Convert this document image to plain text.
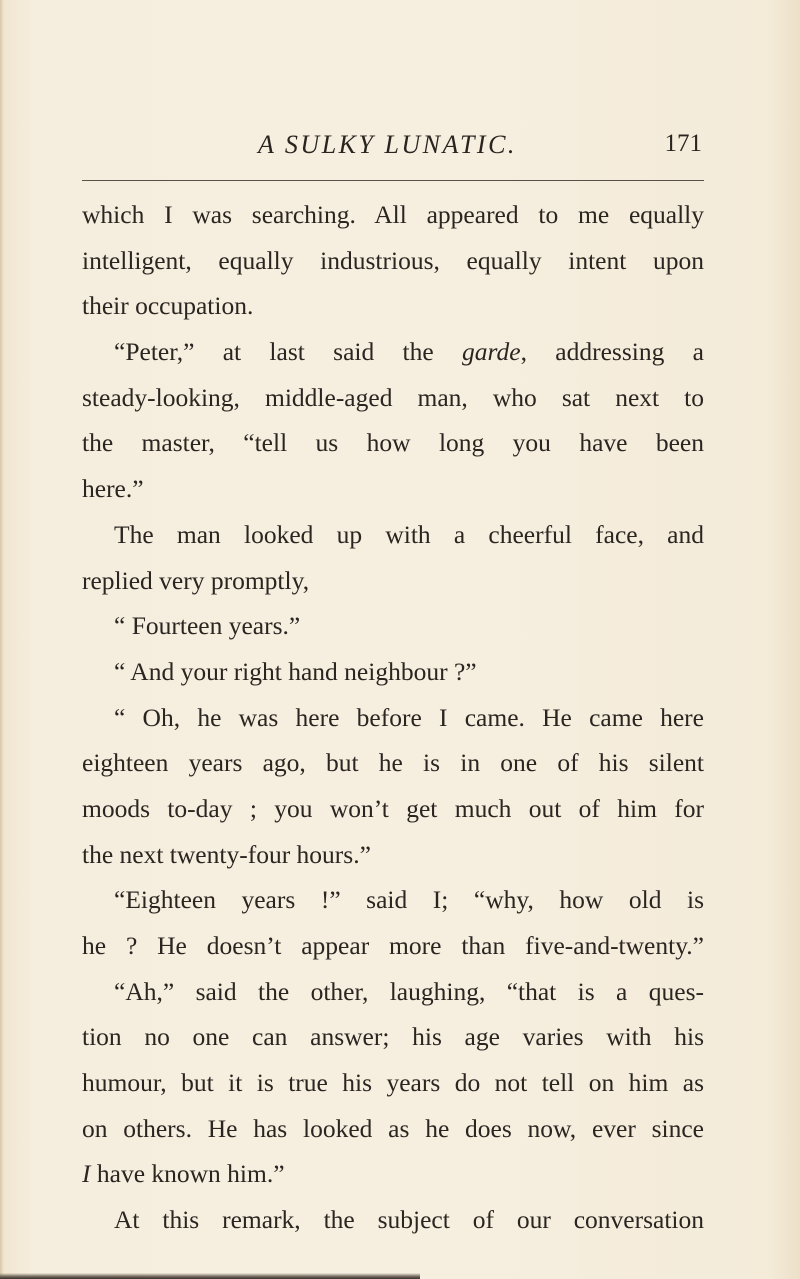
A SULKY LUNATIC.	171
which I was searching. All appeared to me equally
intelligent, equally industrious, equally intent upon
their occupation.
“Peter,” at last said the garde, addressing a
steady-looking, middle-aged man, who sat next to
the master, “tell us how long you have been
here.”
The man looked up with a cheerful face, and
replied very promptly,
“ Fourteen years.”
“ And your right hand neighbour ?”
“ Oh, he was here before I came. He came here
eighteen years ago, but he is in one of his silent
moods to-day ; you won’t get much out of him for
the next twenty-four hours.”
“Eighteen years !” said I; “why, how old is
he ? He doesn’t appear more than five-and-twenty.”
“Ah,” said the other, laughing, “that is a ques-
tion no one can answer; his age varies with his
humour, but it is true his years do not tell on him as
on others. He has looked as he does now, ever since
I have known him.”
At this remark, the subject of our conversation
